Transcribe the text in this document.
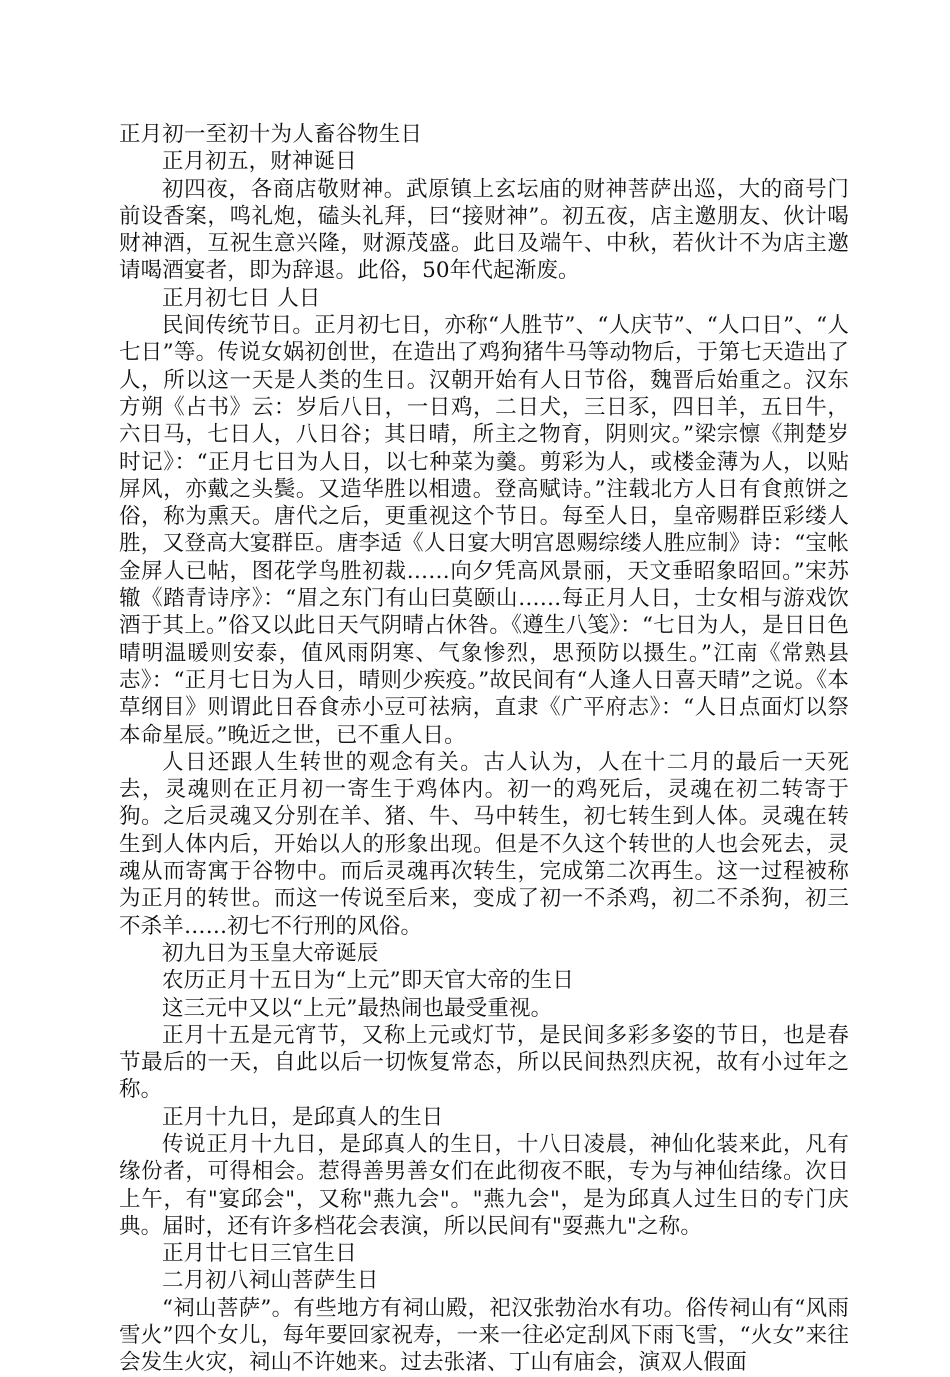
正月初一至初十为人畜谷物生日

正月初五，财神诞日

初四夜，各商店敬财神。武原镇上玄坛庙的财神菩萨出巡，大的商号门前设香案，鸣礼炮，磕头礼拜，曰“接财神”。初五夜，店主邀朋友、伙计喝财神酒，互祝生意兴隆，财源茂盛。此日及端午、中秋，若伙计不为店主邀请喝酒宴者，即为辞退。此俗，50年代起渐废。

正月初七日 人日

民间传统节日。正月初七日，亦称“人胜节”、“人庆节”、“人口日”、“人七日”等。传说女娲初创世，在造出了鸡狗猪牛马等动物后，于第七天造出了人，所以这一天是人类的生日。汉朝开始有人日节俗，魏晋后始重之。汉东方朔《占书》云：岁后八日，一日鸡，二日犬，三日豕，四日羊，五日牛，六日马，七日人，八日谷；其日晴，所主之物育，阴则灾。”梁宗懔《荆楚岁时记》：“正月七日为人日，以七种菜为羹。剪彩为人，或楼金薄为人，以贴屏风，亦戴之头鬓。又造华胜以相遗。登高赋诗。”注载北方人日有食煎饼之俗，称为熏天。唐代之后，更重视这个节日。每至人日，皇帝赐群臣彩缕人胜，又登高大宴群臣。唐李适《人日宴大明宫恩赐综缕人胜应制》诗：“宝帐金屏人已帖，图花学鸟胜初裁……向夕凭高风景丽，天文垂昭象昭回。”宋苏辙《踏青诗序》：“眉之东门有山曰莫颐山……每正月人日，士女相与游戏饮酒于其上。”俗又以此日天气阴晴占休咎。《遵生八笺》：“七日为人，是日日色晴明温暖则安泰，值风雨阴寒、气象惨烈，思预防以摄生。”江南《常熟县志》：“正月七日为人日，晴则少疾疫。”故民间有“人逢人日喜天晴”之说。《本草纲目》则谓此日吞食赤小豆可祛病，直隶《广平府志》：“人日点面灯以祭本命星辰。”晚近之世，已不重人日。

人日还跟人生转世的观念有关。古人认为，人在十二月的最后一天死去，灵魂则在正月初一寄生于鸡体内。初一的鸡死后，灵魂在初二转寄于狗。之后灵魂又分别在羊、猪、牛、马中转生，初七转生到人体。灵魂在转生到人体内后，开始以人的形象出现。但是不久这个转世的人也会死去，灵魂从而寄寓于谷物中。而后灵魂再次转生，完成第二次再生。这一过程被称为正月的转世。而这一传说至后来，变成了初一不杀鸡，初二不杀狗，初三不杀羊……初七不行刑的风俗。

初九日为玉皇大帝诞辰

农历正月十五日为“上元”即天官大帝的生日

这三元中又以“上元”最热闹也最受重视。

正月十五是元宵节，又称上元或灯节，是民间多彩多姿的节日，也是春节最后的一天，自此以后一切恢复常态，所以民间热烈庆祝，故有小过年之称。

正月十九日，是邱真人的生日

传说正月十九日，是邱真人的生日，十八日凌晨，神仙化装来此，凡有缘份者，可得相会。惹得善男善女们在此彻夜不眠，专为与神仙结缘。次日上午，有"宴邱会"，又称"燕九会"。"燕九会"，是为邱真人过生日的专门庆典。届时，还有许多档花会表演，所以民间有"耍燕九"之称。

正月廿七日三官生日

二月初八祠山菩萨生日

“祠山菩萨”。有些地方有祠山殿，祀汉张勃治水有功。俗传祠山有“风雨雪火”四个女儿，每年要回家祝寿，一来一往必定刮风下雨飞雪，“火女”来往会发生火灾，祠山不许她来。过去张渚、丁山有庙会，演双人假面
